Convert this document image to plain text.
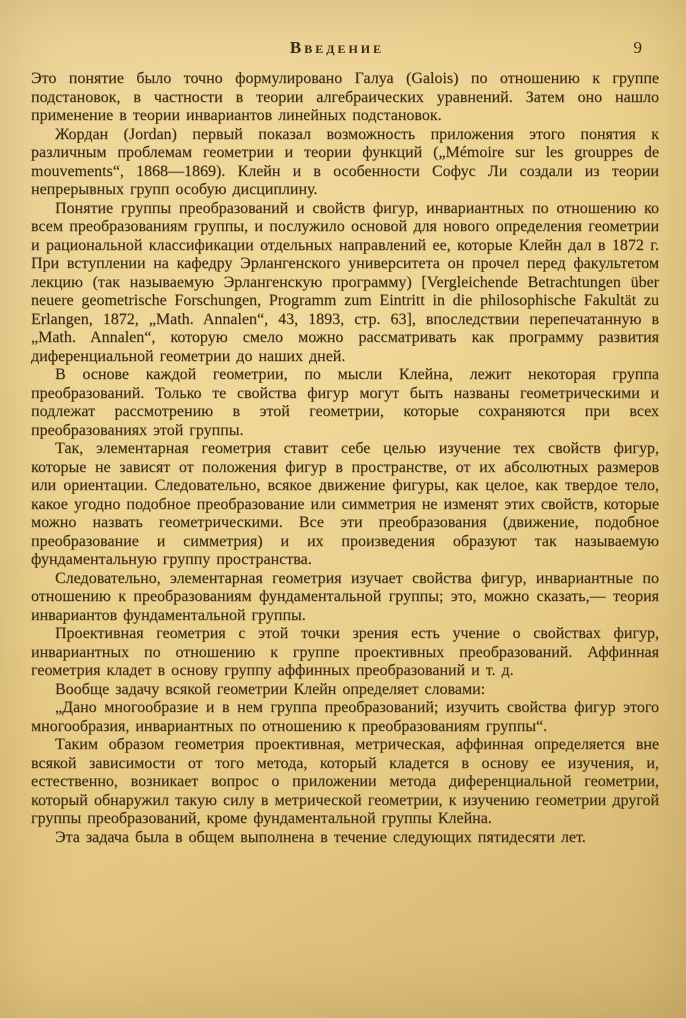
Введение	9

Это понятие было точно формулировано Галуа (Galois) по отношению к группе подстановок, в частности в теории алгебраических уравнений. Затем оно нашло применение в теории инвариантов линейных подстановок.

Жордан (Jordan) первый показал возможность приложения этого понятия к различным проблемам геометрии и теории функций („Mémoire sur les grouppes de mouvements“, 1868—1869). Клейн и в особенности Софус Ли создали из теории непрерывных групп особую дисциплину.

Понятие группы преобразований и свойств фигур, инвариантных по отношению ко всем преобразованиям группы, и послужило основой для нового определения геометрии и рациональной классификации отдельных направлений ее, которые Клейн дал в 1872 г. При вступлении на кафедру Эрлангенского университета он прочел перед факультетом лекцию (так называемую Эрлангенскую программу) [Vergleichende Betrachtungen über neuere geometrische Forschungen, Programm zum Eintritt in die philosophische Fakultät zu Erlangen, 1872, „Math. Annalen“, 43, 1893, стр. 63], впоследствии перепечатанную в „Math. Annalen“, которую смело можно рассматривать как программу развития диференциальной геометрии до наших дней.

В основе каждой геометрии, по мысли Клейна, лежит некоторая группа преобразований. Только те свойства фигур могут быть названы геометрическими и подлежат рассмотрению в этой геометрии, которые сохраняются при всех преобразованиях этой группы.

Так, элементарная геометрия ставит себе целью изучение тех свойств фигур, которые не зависят от положения фигур в пространстве, от их абсолютных размеров или ориентации. Следовательно, всякое движение фигуры, как целое, как твердое тело, какое угодно подобное преобразование или симметрия не изменят этих свойств, которые можно назвать геометрическими. Все эти преобразования (движение, подобное преобразование и симметрия) и их произведения образуют так называемую фундаментальную группу пространства.

Следовательно, элементарная геометрия изучает свойства фигур, инвариантные по отношению к преобразованиям фундаментальной группы; это, можно сказать,— теория инвариантов фундаментальной группы.

Проективная геометрия с этой точки зрения есть учение о свойствах фигур, инвариантных по отношению к группе проективных преобразований. Аффинная геометрия кладет в основу группу аффинных преобразований и т. д.

Вообще задачу всякой геометрии Клейн определяет словами:

„Дано многообразие и в нем группа преобразований; изучить свойства фигур этого многообразия, инвариантных по отношению к преобразованиям группы“.

Таким образом геометрия проективная, метрическая, аффинная определяется вне всякой зависимости от того метода, который кладется в основу ее изучения, и, естественно, возникает вопрос о приложении метода диференциальной геометрии, который обнаружил такую силу в метрической геометрии, к изучению геометрии другой группы преобразований, кроме фундаментальной группы Клейна.

Эта задача была в общем выполнена в течение следующих пятидесяти лет.
